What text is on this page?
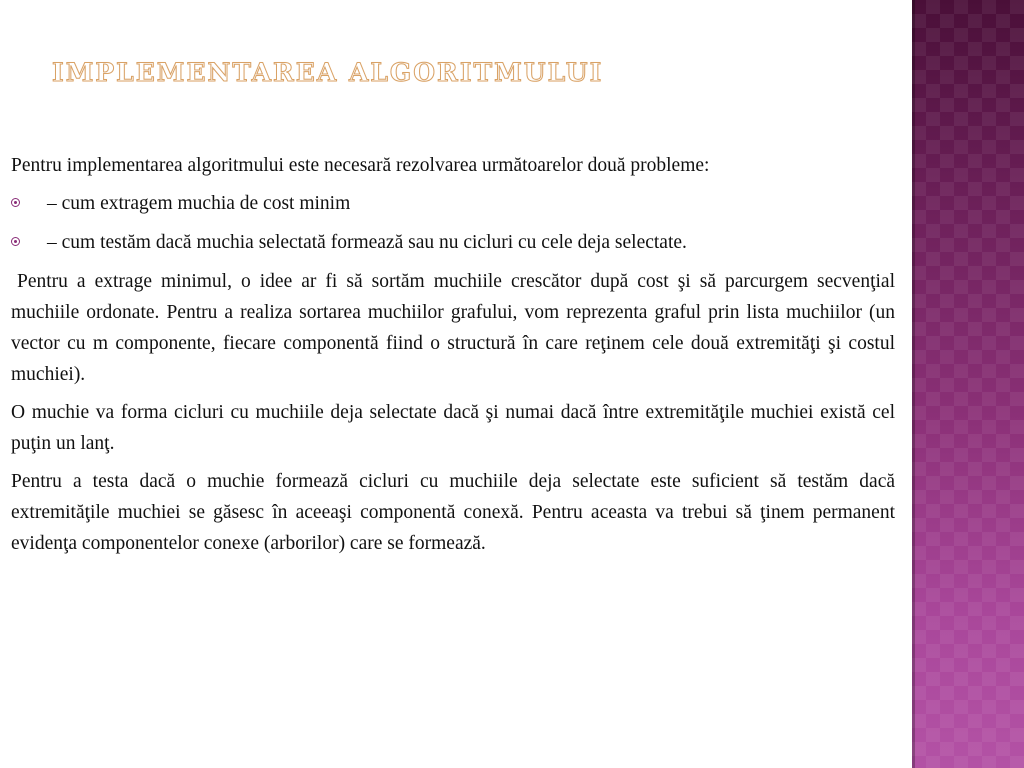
IMPLEMENTAREA ALGORITMULUI

Pentru implementarea algoritmului este necesară rezolvarea următoarelor două probleme:

– cum extragem muchia de cost minim
– cum testăm dacă muchia selectată formează sau nu cicluri cu cele deja selectate.

Pentru a extrage minimul, o idee ar fi să sortăm muchiile crescător după cost şi să parcurgem secvenţial muchiile ordonate. Pentru a realiza sortarea muchiilor grafului, vom reprezenta graful prin lista muchiilor (un vector cu m componente, fiecare componentă fiind o structură în care reţinem cele două extremităţi şi costul muchiei).

O muchie va forma cicluri cu muchiile deja selectate dacă şi numai dacă între extremităţile muchiei există cel puţin un lanţ.

Pentru a testa dacă o muchie formează cicluri cu muchiile deja selectate este suficient să testăm dacă extremităţile muchiei se găsesc în aceeaşi componentă conexă. Pentru aceasta va trebui să ţinem permanent evidenţa componentelor conexe (arborilor) care se formează.
